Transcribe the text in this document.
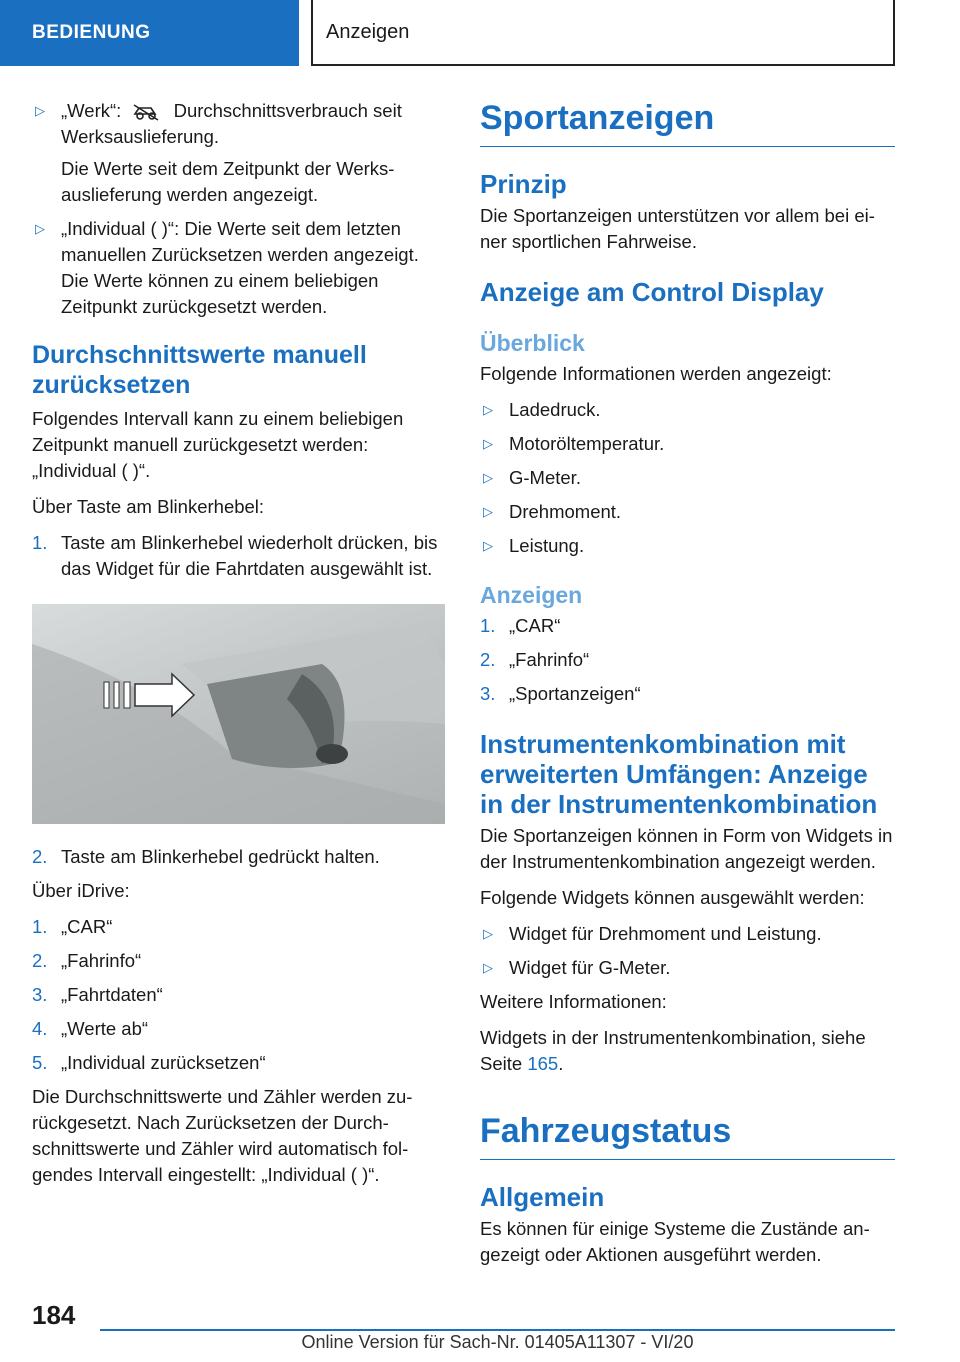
BEDIENUNG	Anzeigen
▷ „Werk“:	Durchschnittsverbrauch seit Werksauslieferung.

Die Werte seit dem Zeitpunkt der Werksauslieferung werden angezeigt.

▷ „Individual ( )“: Die Werte seit dem letzten manuellen Zurücksetzen werden angezeigt. Die Werte können zu einem beliebigen Zeitpunkt zurückgesetzt werden.
Durchschnittswerte manuell zurücksetzen

Folgendes Intervall kann zu einem beliebigen Zeitpunkt manuell zurückgesetzt werden: „Individual ( )“.

Über Taste am Blinkerhebel:

1. Taste am Blinkerhebel wiederholt drücken, bis das Widget für die Fahrtdaten ausgewählt ist.
2. Taste am Blinkerhebel gedrückt halten.

Über iDrive:

1. „CAR“
2. „Fahrinfo“
3. „Fahrtdaten“
4. „Werte ab“
5. „Individual zurücksetzen“

Die Durchschnittswerte und Zähler werden zurückgesetzt. Nach Zurücksetzen der Durchschnittswerte und Zähler wird automatisch folgendes Intervall eingestellt: „Individual ( )“.

Sportanzeigen
Prinzip

Die Sportanzeigen unterstützen vor allem bei einer sportlichen Fahrweise.

Anzeige am Control Display
Überblick

Folgende Informationen werden angezeigt:

▷ Ladedruck.
▷ Motoröltemperatur.
▷ G-Meter.
▷ Drehmoment.
▷ Leistung.
Anzeigen
1. „CAR“
2. „Fahrinfo“
3. „Sportanzeigen“
Instrumentenkombination mit erweiterten Umfängen: Anzeige in der Instrumentenkombination

Die Sportanzeigen können in Form von Widgets in der Instrumentenkombination angezeigt werden.

Folgende Widgets können ausgewählt werden:

▷ Widget für Drehmoment und Leistung.
▷ Widget für G-Meter.

Weitere Informationen:

Widgets in der Instrumentenkombination, siehe Seite 165.

Fahrzeugstatus
Allgemein

Es können für einige Systeme die Zustände angezeigt oder Aktionen ausgeführt werden.

184
Online Version für Sach-Nr. 01405A11307 - VI/20
